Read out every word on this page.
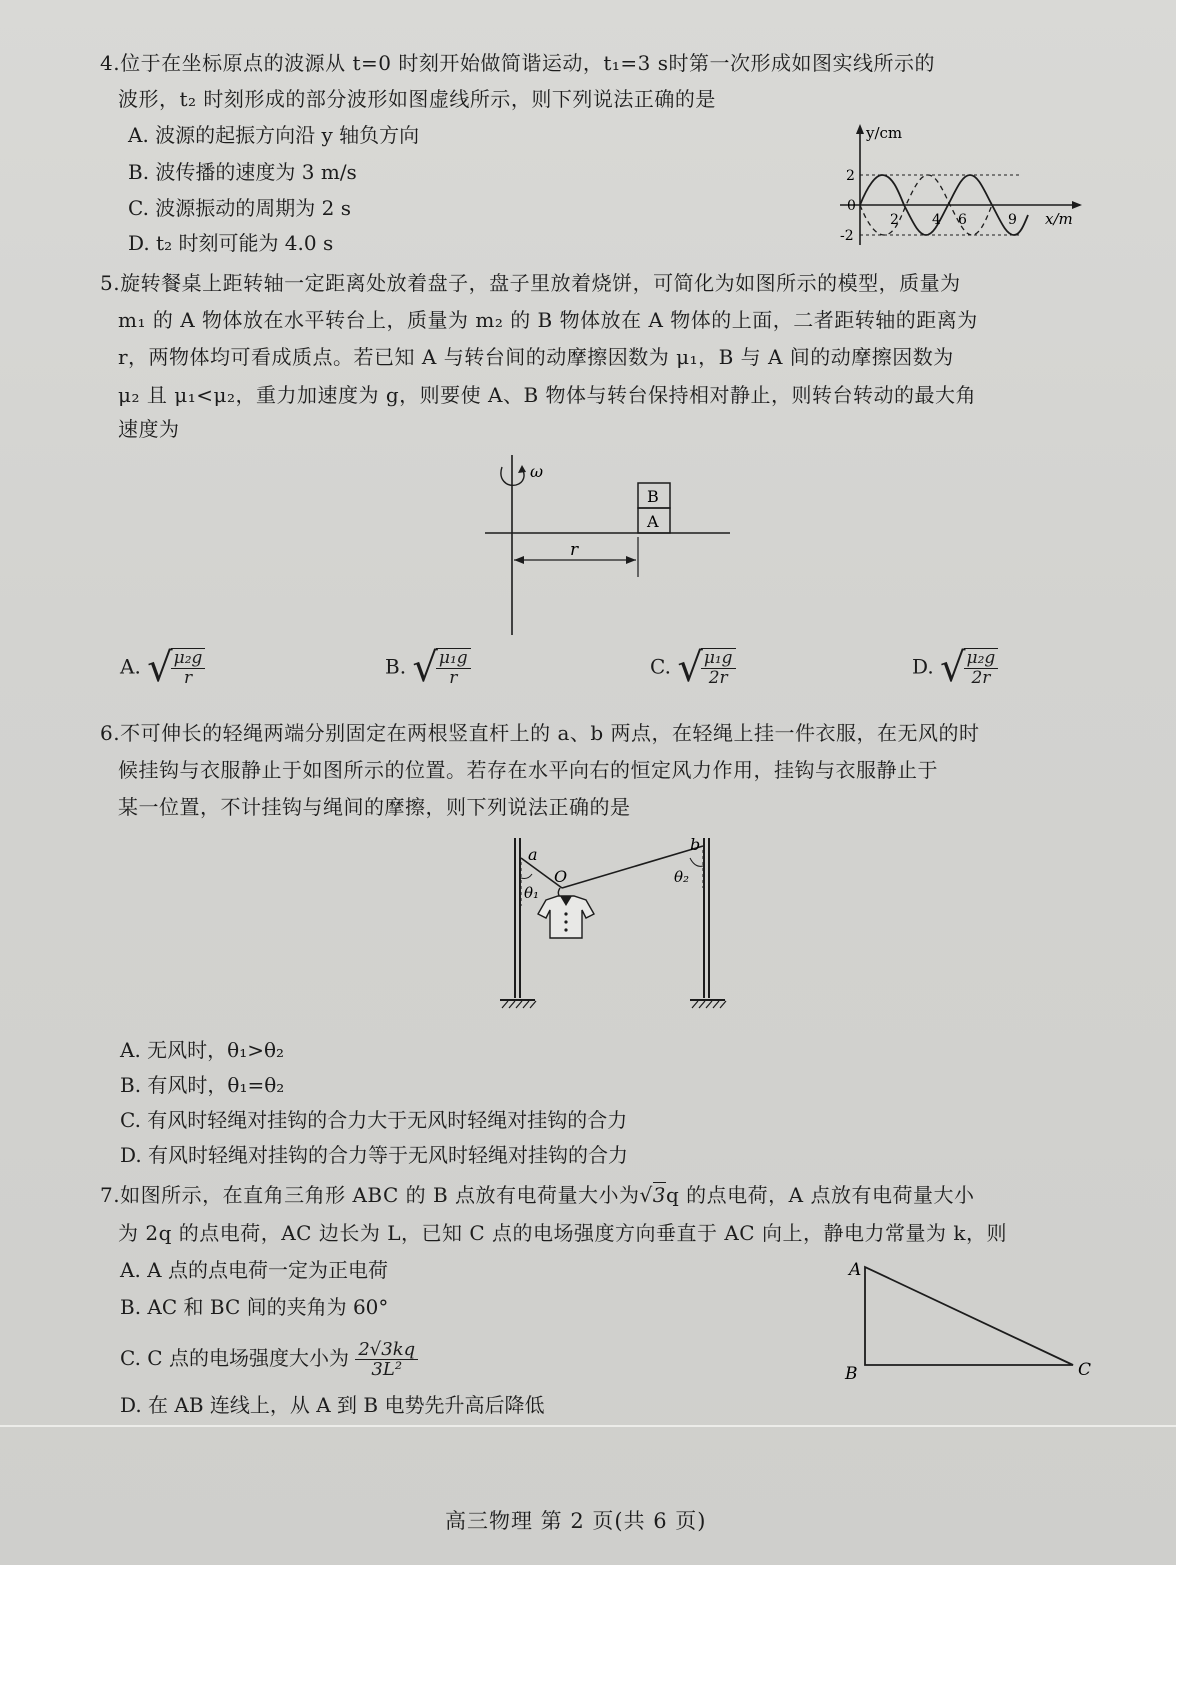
4.位于在坐标原点的波源从 t=0 时刻开始做简谐运动，t₁=3 s时第一次形成如图实线所示的
波形，t₂ 时刻形成的部分波形如图虚线所示，则下列说法正确的是
A. 波源的起振方向沿 y 轴负方向
B. 波传播的速度为 3 m/s
C. 波源振动的周期为 2 s
D. t₂ 时刻可能为 4.0 s
y/cm
2
0
-2
2 4 6	9 x/m
5.旋转餐桌上距转轴一定距离处放着盘子，盘子里放着烧饼，可简化为如图所示的模型，质量为
m₁ 的 A 物体放在水平转台上，质量为 m₂ 的 B 物体放在 A 物体的上面，二者距转轴的距离为
r，两物体均可看成质点。若已知 A 与转台间的动摩擦因数为 μ₁，B 与 A 间的动摩擦因数为
μ₂ 且 μ₁<μ₂，重力加速度为 g，则要使 A、B 物体与转台保持相对静止，则转台转动的最大角
速度为
ω
B
A
r
A. √
$\frac{\text{μ₂g}}{r}$	B. √
$\frac{\text{μ₁g}}{r}$	C. √
$\frac{\text{μ₁g}}{2r}$	D. √
$\frac{\text{μ₂g}}{2r}$
6.不可伸长的轻绳两端分别固定在两根竖直杆上的 a、b 两点，在轻绳上挂一件衣服，在无风的时
候挂钩与衣服静止于如图所示的位置。若存在水平向右的恒定风力作用，挂钩与衣服静止于
某一位置，不计挂钩与绳间的摩擦，则下列说法正确的是
a
b
O
θ₁
θ₂
A. 无风时，θ₁>θ₂
B. 有风时，θ₁=θ₂
C. 有风时轻绳对挂钩的合力大于无风时轻绳对挂钩的合力
D. 有风时轻绳对挂钩的合力等于无风时轻绳对挂钩的合力
7.如图所示，在直角三角形 ABC 的 B 点放有电荷量大小为√3q 的点电荷，A 点放有电荷量大小
为 2q 的点电荷，AC 边长为 L，已知 C 点的电场强度方向垂直于 AC 向上，静电力常量为 k，则
A. A 点的点电荷一定为正电荷
B. AC 和 BC 间的夹角为 60°
C. C 点的电场强度大小为 $\frac{2√3kq}{\text{3L²}}$
D. 在 AB 连线上，从 A 到 B 电势先升高后降低
A
B	C
高三物理 第 2 页(共 6 页)
